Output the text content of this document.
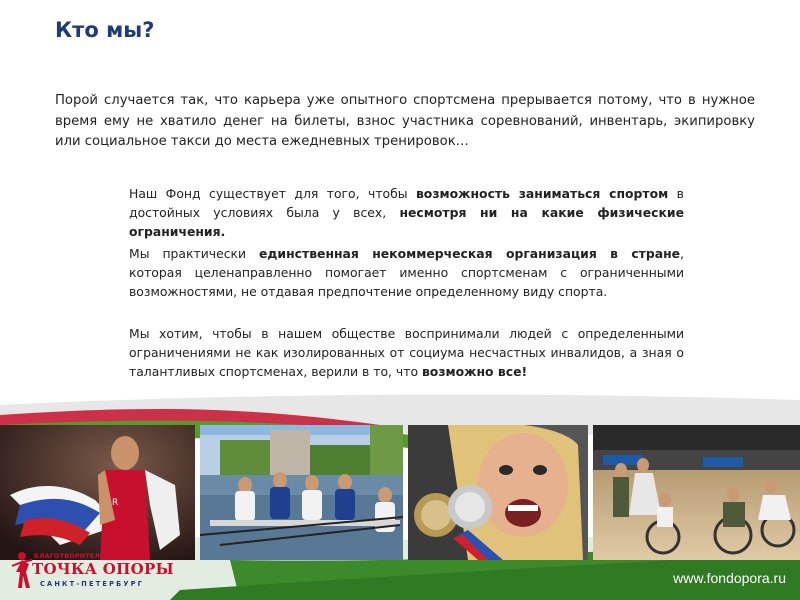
Кто мы?
Порой случается так, что карьера уже опытного спортсмена прерывается потому, что в нужное время ему не хватило денег на билеты, взнос участника соревнований, инвентарь, экипировку или социальное такси до места ежедневных тренировок…
Наш Фонд существует для того, чтобы возможность заниматься спортом в достойных условиях была у всех, несмотря ни на какие физические ограничения.
Мы практически единственная некоммерческая организация в стране, которая целенаправленно помогает именно спортсменам с ограниченными возможностями, не отдавая предпочтение определенному виду спорта.
Мы хотим, чтобы в нашем обществе воспринимали людей с определенными ограничениями не как изолированных от социума несчастных инвалидов, а зная о талантливых спортсменах, верили в то, что возможно все!
R
БЛАГОТВОРИТЕЛЬНЫЙ ФОНД
ТОЧКА ОПОРЫ
САНКТ-ПЕТЕРБУРГ	www.fondopora.ru
